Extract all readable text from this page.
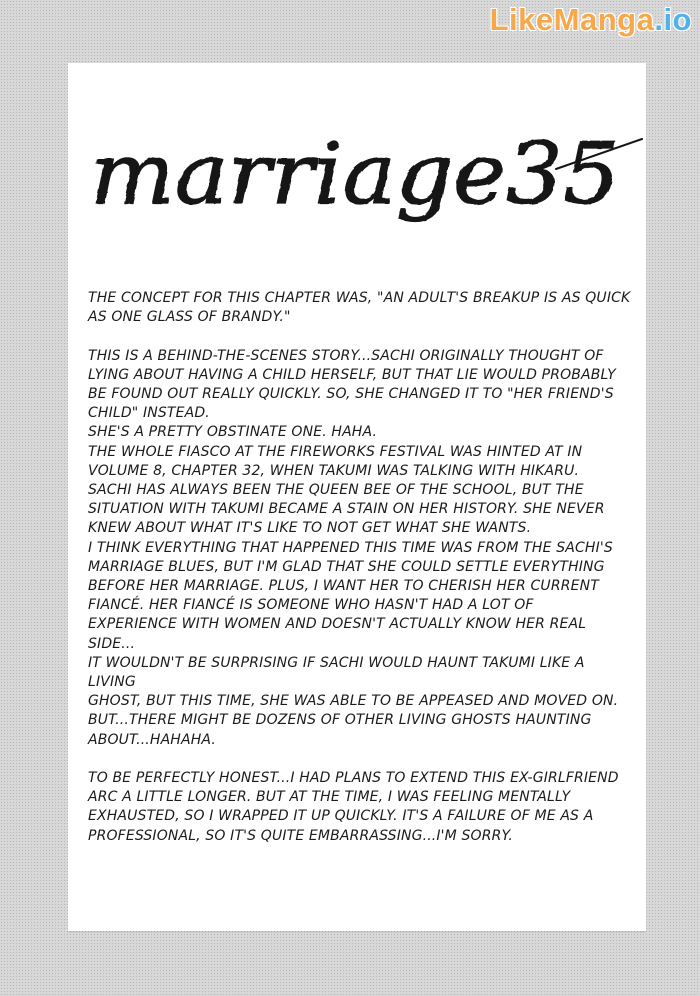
LikeManga.io
marriage35

THE CONCEPT FOR THIS CHAPTER WAS, "AN ADULT'S BREAKUP IS AS QUICK
AS ONE GLASS OF BRANDY."

THIS IS A BEHIND-THE-SCENES STORY...SACHI ORIGINALLY THOUGHT OF
LYING ABOUT HAVING A CHILD HERSELF, BUT THAT LIE WOULD PROBABLY
BE FOUND OUT REALLY QUICKLY. SO, SHE CHANGED IT TO "HER FRIEND'S
CHILD" INSTEAD.
SHE'S A PRETTY OBSTINATE ONE. HAHA.
THE WHOLE FIASCO AT THE FIREWORKS FESTIVAL WAS HINTED AT IN
VOLUME 8, CHAPTER 32, WHEN TAKUMI WAS TALKING WITH HIKARU.
SACHI HAS ALWAYS BEEN THE QUEEN BEE OF THE SCHOOL, BUT THE
SITUATION WITH TAKUMI BECAME A STAIN ON HER HISTORY. SHE NEVER
KNEW ABOUT WHAT IT'S LIKE TO NOT GET WHAT SHE WANTS.
I THINK EVERYTHING THAT HAPPENED THIS TIME WAS FROM THE SACHI'S
MARRIAGE BLUES, BUT I'M GLAD THAT SHE COULD SETTLE EVERYTHING
BEFORE HER MARRIAGE. PLUS, I WANT HER TO CHERISH HER CURRENT
FIANCÉ. HER FIANCÉ IS SOMEONE WHO HASN'T HAD A LOT OF
EXPERIENCE WITH WOMEN AND DOESN'T ACTUALLY KNOW HER REAL
SIDE...
IT WOULDN'T BE SURPRISING IF SACHI WOULD HAUNT TAKUMI LIKE A LIVING
GHOST, BUT THIS TIME, SHE WAS ABLE TO BE APPEASED AND MOVED ON.
BUT...THERE MIGHT BE DOZENS OF OTHER LIVING GHOSTS HAUNTING
ABOUT...HAHAHA.

TO BE PERFECTLY HONEST...I HAD PLANS TO EXTEND THIS EX-GIRLFRIEND
ARC A LITTLE LONGER. BUT AT THE TIME, I WAS FEELING MENTALLY
EXHAUSTED, SO I WRAPPED IT UP QUICKLY. IT'S A FAILURE OF ME AS A
PROFESSIONAL, SO IT'S QUITE EMBARRASSING...I'M SORRY.
